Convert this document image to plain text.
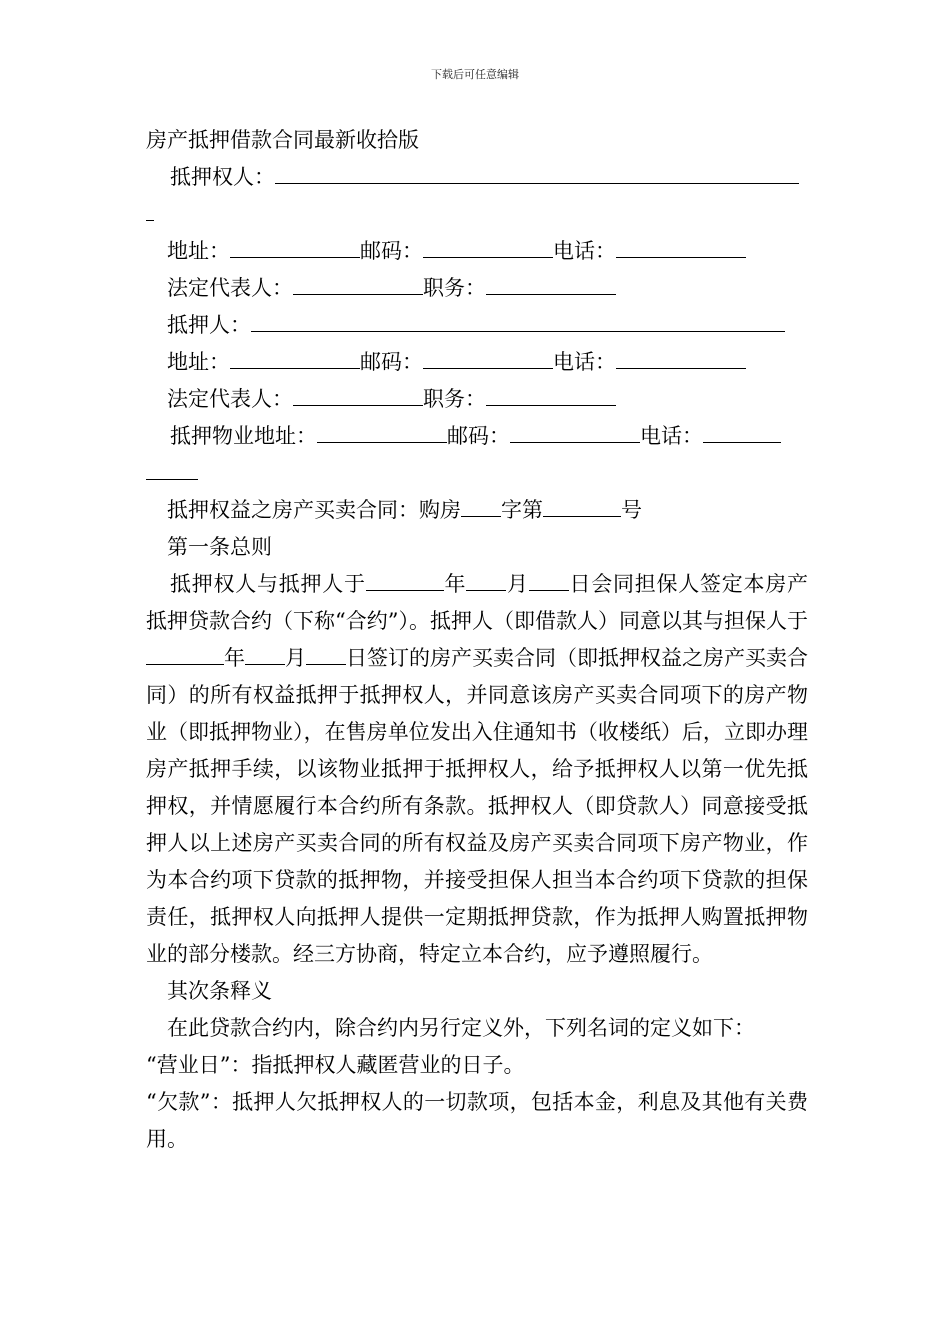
下载后可任意编辑
房产抵押借款合同最新收拾版
抵押权人：
地址：	邮码：	电话：
法定代表人：	职务：
抵押人：
地址：	邮码：	电话：
法定代表人：	职务：
抵押物业地址：	邮码：	电话：
抵押权益之房产买卖合同：购房 字第	号
第一条总则
抵押权人与抵押人于	年 月 日会同担保人签定本房产抵押贷款合约（下称“合约”）。抵押人（即借款人）同意以其与担保人于年 月 日签订的房产买卖合同（即抵押权益之房产买卖合同）的所有权益抵押于抵押权人，并同意该房产买卖合同项下的房产物业（即抵押物业），在售房单位发出入住通知书（收楼纸）后，立即办理房产抵押手续，以该物业抵押于抵押权人，给予抵押权人以第一优先抵押权，并情愿履行本合约所有条款。抵押权人（即贷款人）同意接受抵押人以上述房产买卖合同的所有权益及房产买卖合同项下房产物业，作为本合约项下贷款的抵押物，并接受担保人担当本合约项下贷款的担保责任，抵押权人向抵押人提供一定期抵押贷款，作为抵押人购置抵押物业的部分楼款。经三方协商，特定立本合约，应予遵照履行。
其次条释义
在此贷款合约内，除合约内另行定义外，下列名词的定义如下：
“营业日”：指抵押权人藏匿营业的日子。
“欠款”：抵押人欠抵押权人的一切款项，包括本金，利息及其他有关费用。
